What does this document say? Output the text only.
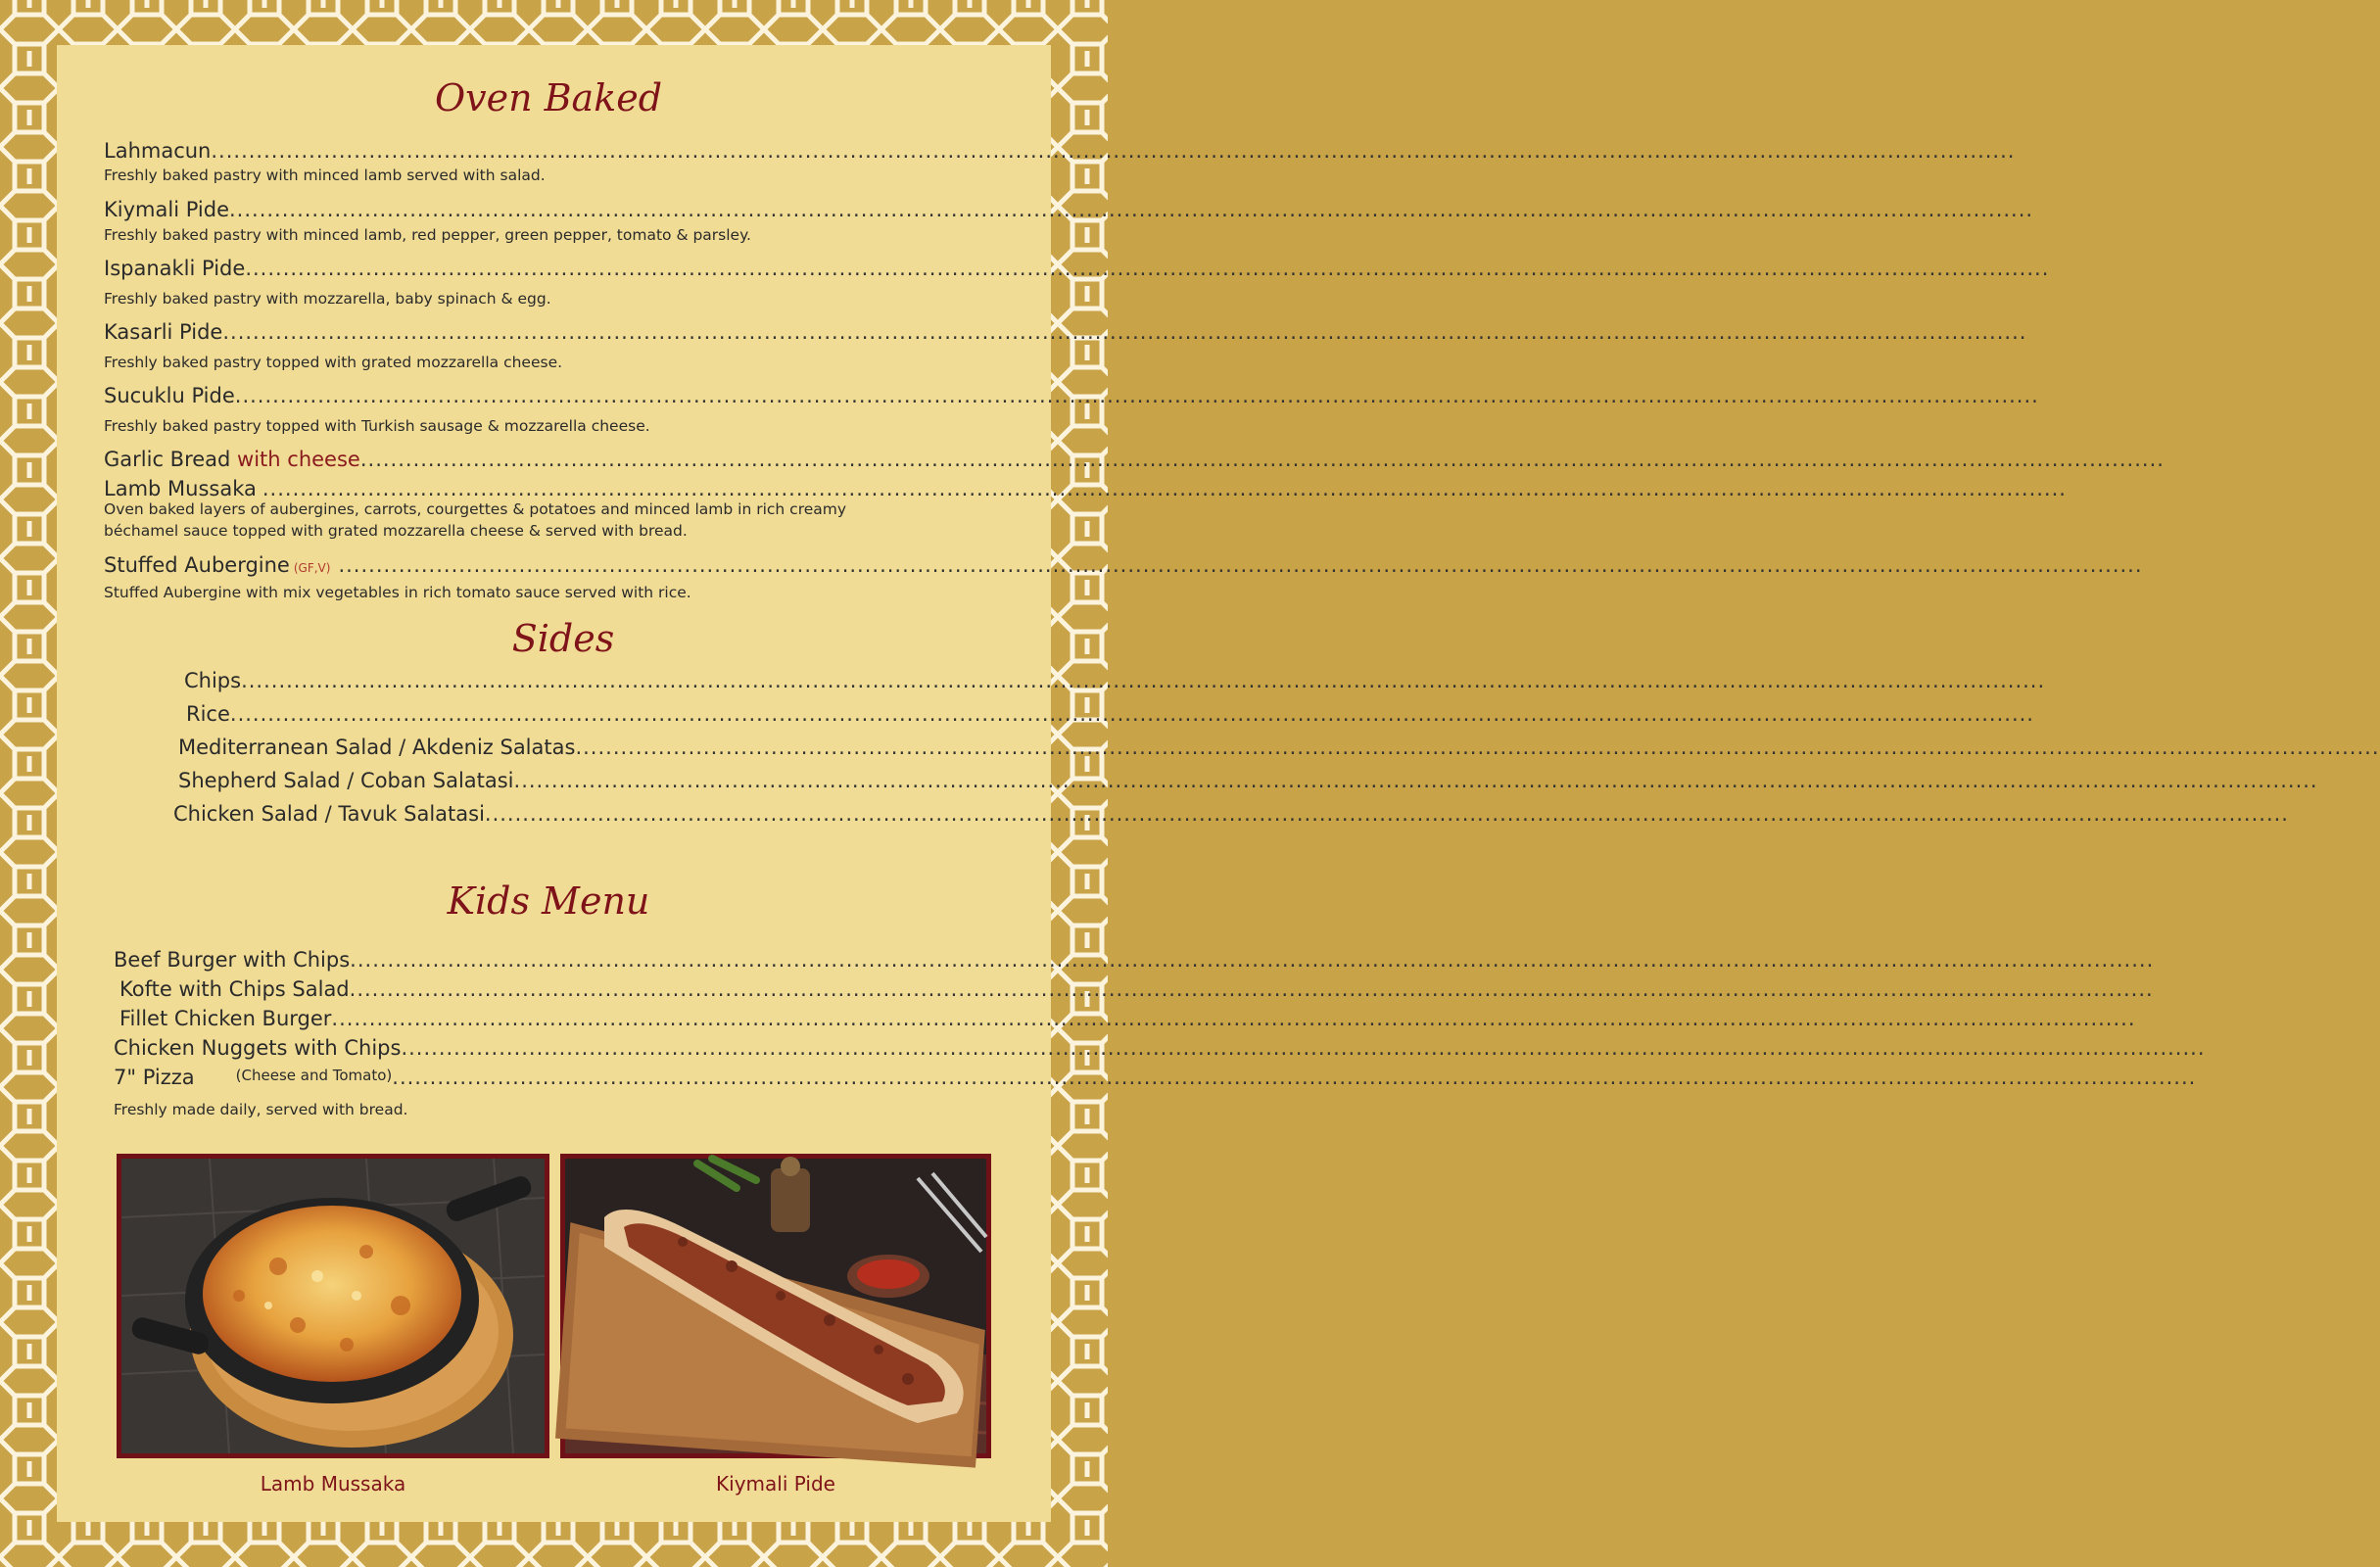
Oven Baked
Lahmacun ................................................................................................................................................................................................................................................
Freshly baked pastry with minced lamb served with salad.
Kiymali Pide ................................................................................................................................................................................................................................................
Freshly baked pastry with minced lamb, red pepper, green pepper, tomato & parsley.
Ispanakli Pide ................................................................................................................................................................................................................................................
Freshly baked pastry with mozzarella, baby spinach & egg.
Kasarli Pide ................................................................................................................................................................................................................................................
Freshly baked pastry topped with grated mozzarella cheese.
Sucuklu Pide ................................................................................................................................................................................................................................................
Freshly baked pastry topped with Turkish sausage & mozzarella cheese.
Garlic Bread with cheese ................................................................................................................................................................................................................................................
Lamb Mussaka ................................................................................................................................................................................................................................................
Oven baked layers of aubergines, carrots, courgettes & potatoes and minced lamb in rich creamy
béchamel sauce topped with grated mozzarella cheese & served with bread.
Stuffed Aubergine (GF,V) ................................................................................................................................................................................................................................................
Stuffed Aubergine with mix vegetables in rich tomato sauce served with rice.
Sides
Chips ................................................................................................................................................................................................................................................
Rice ................................................................................................................................................................................................................................................
Mediterranean Salad / Akdeniz Salatas ................................................................................................................................................................................................................................................
Shepherd Salad / Coban Salatasi ................................................................................................................................................................................................................................................
Chicken Salad / Tavuk Salatasi ................................................................................................................................................................................................................................................
Kids Menu
Beef Burger with Chips ................................................................................................................................................................................................................................................
Kofte with Chips Salad ................................................................................................................................................................................................................................................
Fillet Chicken Burger ................................................................................................................................................................................................................................................
Chicken Nuggets with Chips ................................................................................................................................................................................................................................................
7" Pizza	(Cheese and Tomato) ................................................................................................................................................................................................................................................
Freshly made daily, served with bread.
Lamb Mussaka	Kiymali Pide
